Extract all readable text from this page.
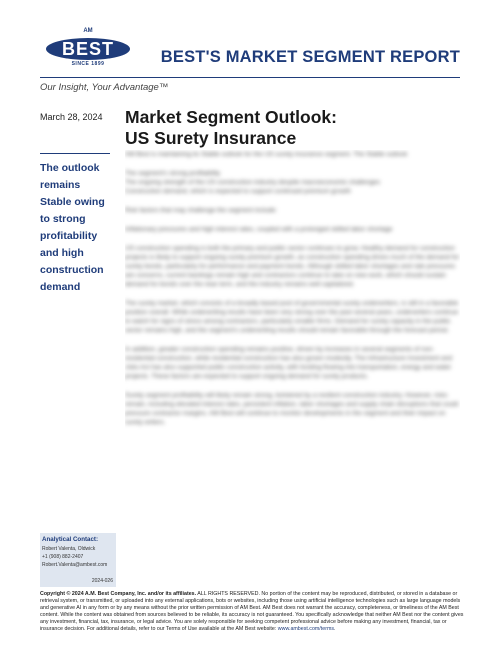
AM
BEST
SINCE 1899	BEST'S MARKET SEGMENT REPORT
Our Insight, Your Advantage™
March 28, 2024 Market Segment Outlook:
US Surety Insurance
The outlook remains Stable owing to strong profitability and high construction demand

AM Best is maintaining its Stable outlook for the US surety insurance segment. The Stable outlook

The segment's strong profitability
The ongoing strength of the US construction industry despite macroeconomic challenges
Construction demand, which is expected to support continued premium growth

Risk factors that may challenge the segment include:

Inflationary pressures and high interest rates, coupled with a prolonged skilled labor shortage

US construction spending is both the primary and public sector continues to grow. Healthy demand for construction projects is likely to support ongoing surety premium growth, as construction spending drives much of the demand for surety bonds, particularly for performance and payment bonds. Although skilled labor shortages and rate pressures are concerns, current backlogs remain high and contractors continue to take on new work, which should sustain demand for bonds over the near term, and the industry remains well capitalized.

The surety market, which consists of a broadly based pool of governmental surety underwriters, is still in a favorable position overall. While underwriting results have been very strong over the past several years, underwriters continue to watch for signs of stress among contractors, particularly smaller firms. Demand for surety capacity in the public sector remains high, and the segment's underwriting results should remain favorable through the forecast period.

In addition, greater construction spending remains positive, driven by increases in several segments of non-residential construction, while residential construction has also grown modestly. The Infrastructure Investment and Jobs Act has also supported public construction activity, with funding flowing into transportation, energy and water projects. These factors are expected to support ongoing demand for surety products.

Surety segment profitability will likely remain strong, bolstered by a resilient construction industry. However, risks remain, including elevated interest rates, persistent inflation, labor shortages and supply chain disruptions that could pressure contractor margins. AM Best will continue to monitor developments in the segment and their impact on surety writers.

Analytical Contact:
Robert Valenta, Oldwick
+1 (908) 882-2407
Robert.Valenta@ambest.com
2024-026
Copyright © 2024 A.M. Best Company, Inc. and/or its affiliates. ALL RIGHTS RESERVED. No portion of the content may be reproduced, distributed, or stored in a database or retrieval system, or transmitted, or uploaded into any external applications, bots or websites, including those using artificial intelligence technologies such as large language models and generative AI in any form or by any means without the prior written permission of AM Best. AM Best does not warrant the accuracy, completeness, or timeliness of the AM Best content. While the content was obtained from sources believed to be reliable, its accuracy is not guaranteed. You specifically acknowledge that neither AM Best nor the content gives any investment, financial, tax, insurance, or legal advice. You are solely responsible for seeking competent professional advice before making any investment, financial, tax or insurance decision. For additional details, refer to our Terms of Use available at the AM Best website: www.ambest.com/terms.
